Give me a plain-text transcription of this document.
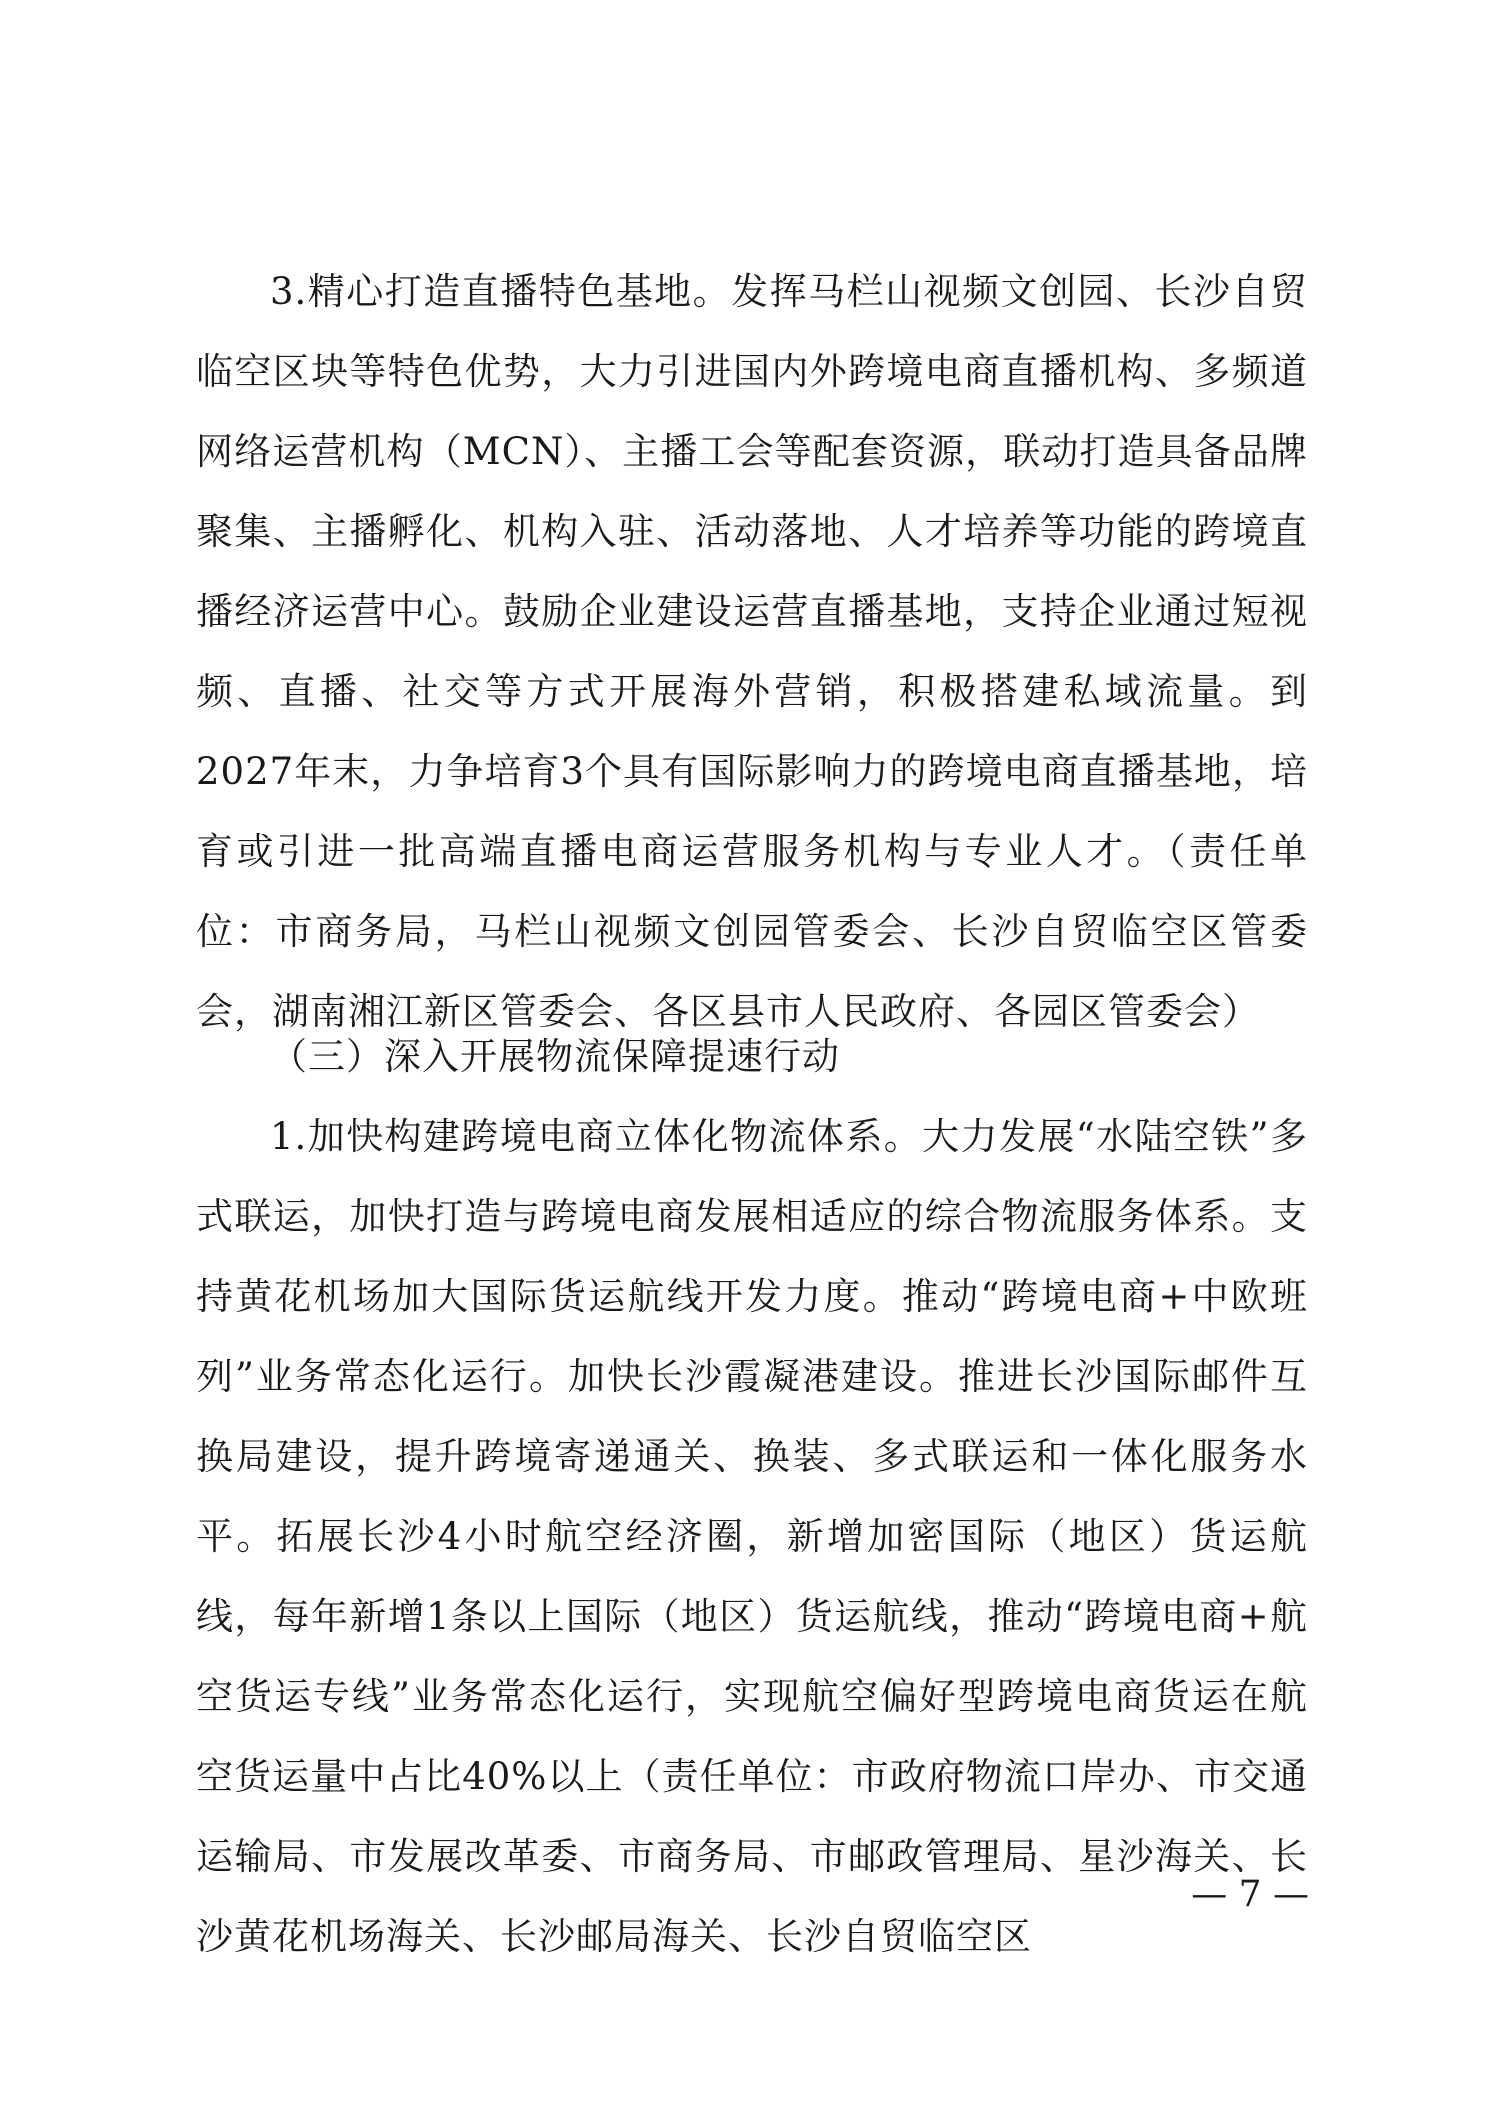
3.精心打造直播特色基地。发挥马栏山视频文创园、长沙自贸临空区块等特色优势，大力引进国内外跨境电商直播机构、多频道网络运营机构（MCN）、主播工会等配套资源，联动打造具备品牌聚集、主播孵化、机构入驻、活动落地、人才培养等功能的跨境直播经济运营中心。鼓励企业建设运营直播基地，支持企业通过短视频、直播、社交等方式开展海外营销，积极搭建私域流量。到2027年末，力争培育3个具有国际影响力的跨境电商直播基地，培育或引进一批高端直播电商运营服务机构与专业人才。（责任单位：市商务局，马栏山视频文创园管委会、长沙自贸临空区管委会，湖南湘江新区管委会、各区县市人民政府、各园区管委会）

（三）深入开展物流保障提速行动

1.加快构建跨境电商立体化物流体系。大力发展“水陆空铁”多式联运，加快打造与跨境电商发展相适应的综合物流服务体系。支持黄花机场加大国际货运航线开发力度。推动“跨境电商+中欧班列”业务常态化运行。加快长沙霞凝港建设。推进长沙国际邮件互换局建设，提升跨境寄递通关、换装、多式联运和一体化服务水平。拓展长沙4小时航空经济圈，新增加密国际（地区）货运航线，每年新增1条以上国际（地区）货运航线，推动“跨境电商+航空货运专线”业务常态化运行，实现航空偏好型跨境电商货运在航空货运量中占比40%以上（责任单位：市政府物流口岸办、市交通运输局、市发展改革委、市商务局、市邮政管理局、星沙海关、长沙黄花机场海关、长沙邮局海关、长沙自贸临空区

— 7 —
